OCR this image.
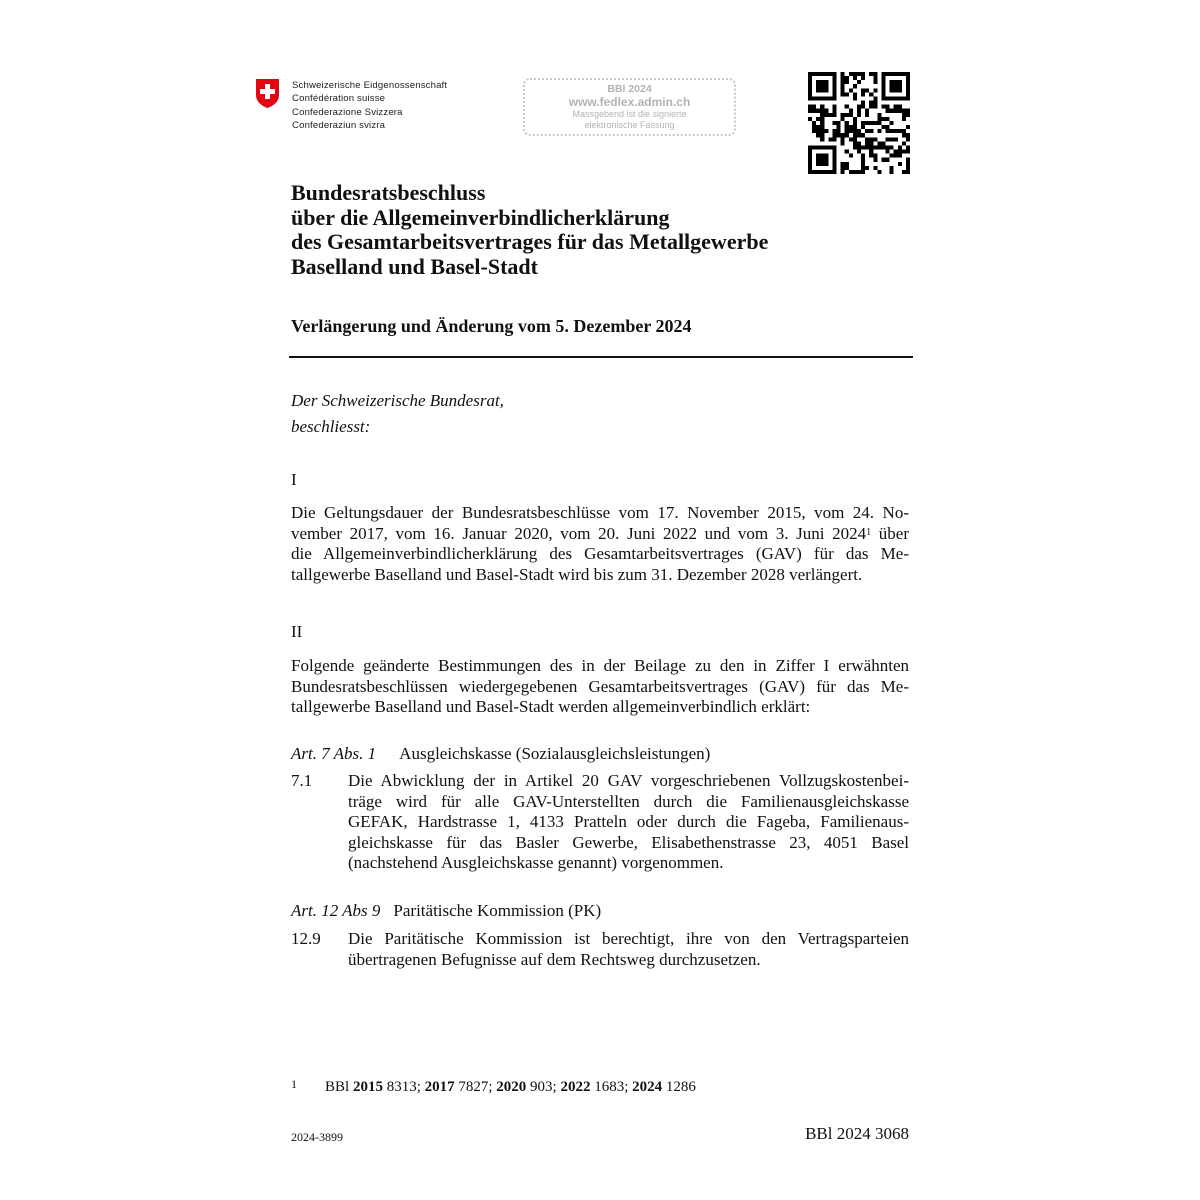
Schweizerische Eidgenossenschaft
Confédération suisse
Confederazione Svizzera
Confederaziun svizra
BBl 2024
www.fedlex.admin.ch
Massgebend ist die signierte
elektronische Fassung
Bundesratsbeschluss
über die Allgemeinverbindlicherklärung
des Gesamtarbeitsvertrages für das Metallgewerbe
Baselland und Basel-Stadt
Verlängerung und Änderung vom 5. Dezember 2024
Der Schweizerische Bundesrat,
beschliesst:
I
Die Geltungsdauer der Bundesratsbeschlüsse vom 17. November 2015, vom 24. No-
vember 2017, vom 16. Januar 2020, vom 20. Juni 2022 und vom 3. Juni 2024$^1$ über
die Allgemeinverbindlicherklärung des Gesamtarbeitsvertrages (GAV) für das Me-
tallgewerbe Baselland und Basel-Stadt wird bis zum 31. Dezember 2028 verlängert.
II
Folgende geänderte Bestimmungen des in der Beilage zu den in Ziffer I erwähnten
Bundesratsbeschlüssen wiedergegebenen Gesamtarbeitsvertrages (GAV) für das Me-
tallgewerbe Baselland und Basel-Stadt werden allgemeinverbindlich erklärt:
Art. 7 Abs. 1 Ausgleichskasse (Sozialausgleichsleistungen)
7.1 Die Abwicklung der in Artikel 20 GAV vorgeschriebenen Vollzugskostenbei-
träge wird für alle GAV-Unterstellten durch die Familienausgleichskasse
GEFAK, Hardstrasse 1, 4133 Pratteln oder durch die Fageba, Familienaus-
gleichskasse für das Basler Gewerbe, Elisabethenstrasse 23, 4051 Basel
(nachstehend Ausgleichskasse genannt) vorgenommen.
Art. 12 Abs 9 Paritätische Kommission (PK)
12.9 Die Paritätische Kommission ist berechtigt, ihre von den Vertragsparteien
übertragenen Befugnisse auf dem Rechtsweg durchzusetzen.
1 BBl 2015 8313; 2017 7827; 2020 903; 2022 1683; 2024 1286
2024-3899	BBl 2024 3068
